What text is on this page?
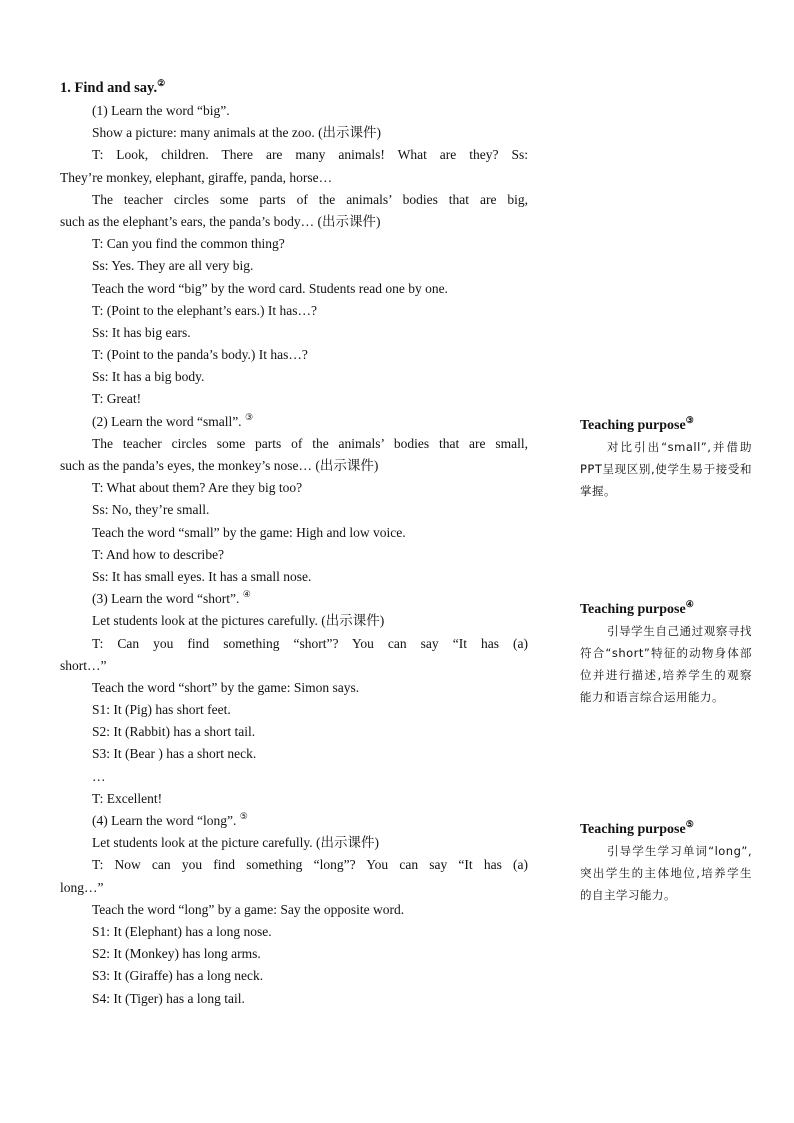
1. Find and say.②
(1) Learn the word “big”.
Show a picture: many animals at the zoo. (出示课件)
T: Look, children. There are many animals! What are they? Ss:
They’re monkey, elephant, giraffe, panda, horse…
The teacher circles some parts of the animals’ bodies that are big,
such as the elephant’s ears, the panda’s body… (出示课件)
T: Can you find the common thing?
Ss: Yes. They are all very big.
Teach the word “big” by the word card. Students read one by one.
T: (Point to the elephant’s ears.) It has…?
Ss: It has big ears.
T: (Point to the panda’s body.) It has…?
Ss: It has a big body.
T: Great!
(2) Learn the word “small”. ③
The teacher circles some parts of the animals’ bodies that are small,
such as the panda’s eyes, the monkey’s nose… (出示课件)
T: What about them? Are they big too?
Ss: No, they’re small.
Teach the word “small” by the game: High and low voice.
T: And how to describe?
Ss: It has small eyes. It has a small nose.
(3) Learn the word “short”. ④
Let students look at the pictures carefully. (出示课件)
T: Can you find something “short”? You can say “It has (a)
short…”
Teach the word “short” by the game: Simon says.
S1: It (Pig) has short feet.
S2: It (Rabbit) has a short tail.
S3: It (Bear ) has a short neck.
…
T: Excellent!
(4) Learn the word “long”. ⑤
Let students look at the picture carefully. (出示课件)
T: Now can you find something “long”? You can say “It has (a)
long…”
Teach the word “long” by a game: Say the opposite word.
S1: It (Elephant) has a long nose.
S2: It (Monkey) has long arms.
S3: It (Giraffe) has a long neck.
S4: It (Tiger) has a long tail.
Teaching purpose③
对比引出“small”,并借助PPT呈现区别,使学生易于接受和掌握。
Teaching purpose④
引导学生自己通过观察寻找符合“short”特征的动物身体部位并进行描述,培养学生的观察能力和语言综合运用能力。
Teaching purpose⑤
引导学生学习单词“long”,突出学生的主体地位,培养学生的自主学习能力。
